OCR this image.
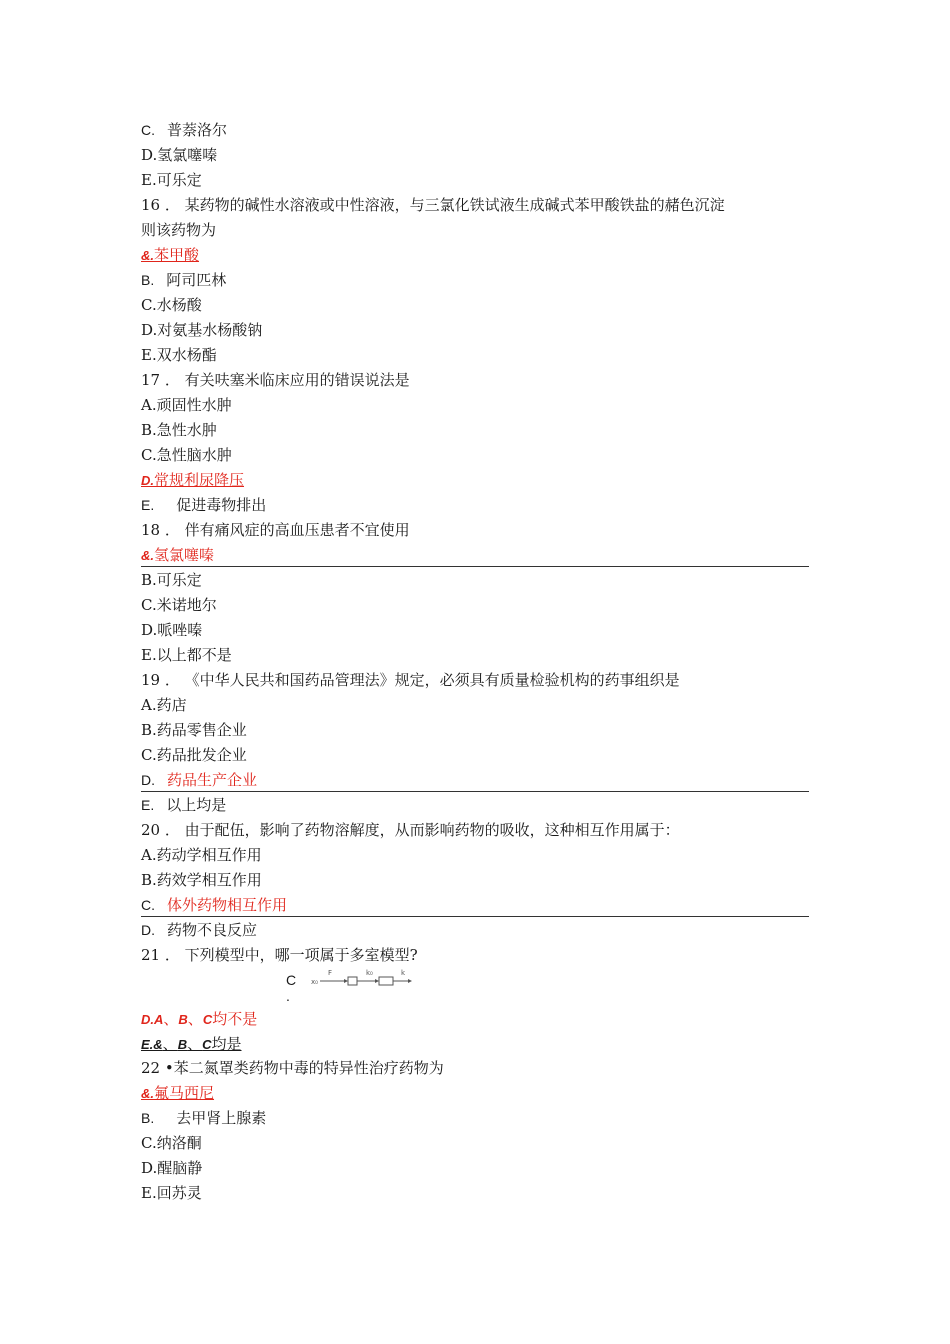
C. 普萘洛尔
D.氢氯噻嗪
E.可乐定
16 ． 某药物的碱性水溶液或中性溶液，与三氯化铁试液生成碱式苯甲酸铁盐的赭色沉淀
则该药物为
&.苯甲酸
B. 阿司匹林
C.水杨酸
D.对氨基水杨酸钠
E.双水杨酯
17 ． 有关呋塞米临床应用的错误说法是
A.顽固性水肿
B.急性水肿
C.急性脑水肿
D.常规利尿降压
E. 促进毒物排出
18 ． 伴有痛风症的高血压患者不宜使用
&.氢氯噻嗪
B.可乐定
C.米诺地尔
D.哌唑嗪
E.以上都不是
19 ． 《中华人民共和国药品管理法》规定，必须具有质量检验机构的药事组织是
A.药店
B.药品零售企业
C.药品批发企业
D. 药品生产企业
E. 以上均是
20 ． 由于配伍，影响了药物溶解度，从而影响药物的吸收，这种相互作用属于：
A.药动学相互作用
B.药效学相互作用
C. 体外药物相互作用
D. 药物不良反应
21 ． 下列模型中，哪一项属于多室模型?
C .
x₀
F	k₀	k
D.A、B、C均不是
E.&、B、C均是
22 •苯二氮罩类药物中毒的特异性治疗药物为
&.氟马西尼
B. 去甲肾上腺素
C.纳洛酮
D.醒脑静
E.回苏灵
